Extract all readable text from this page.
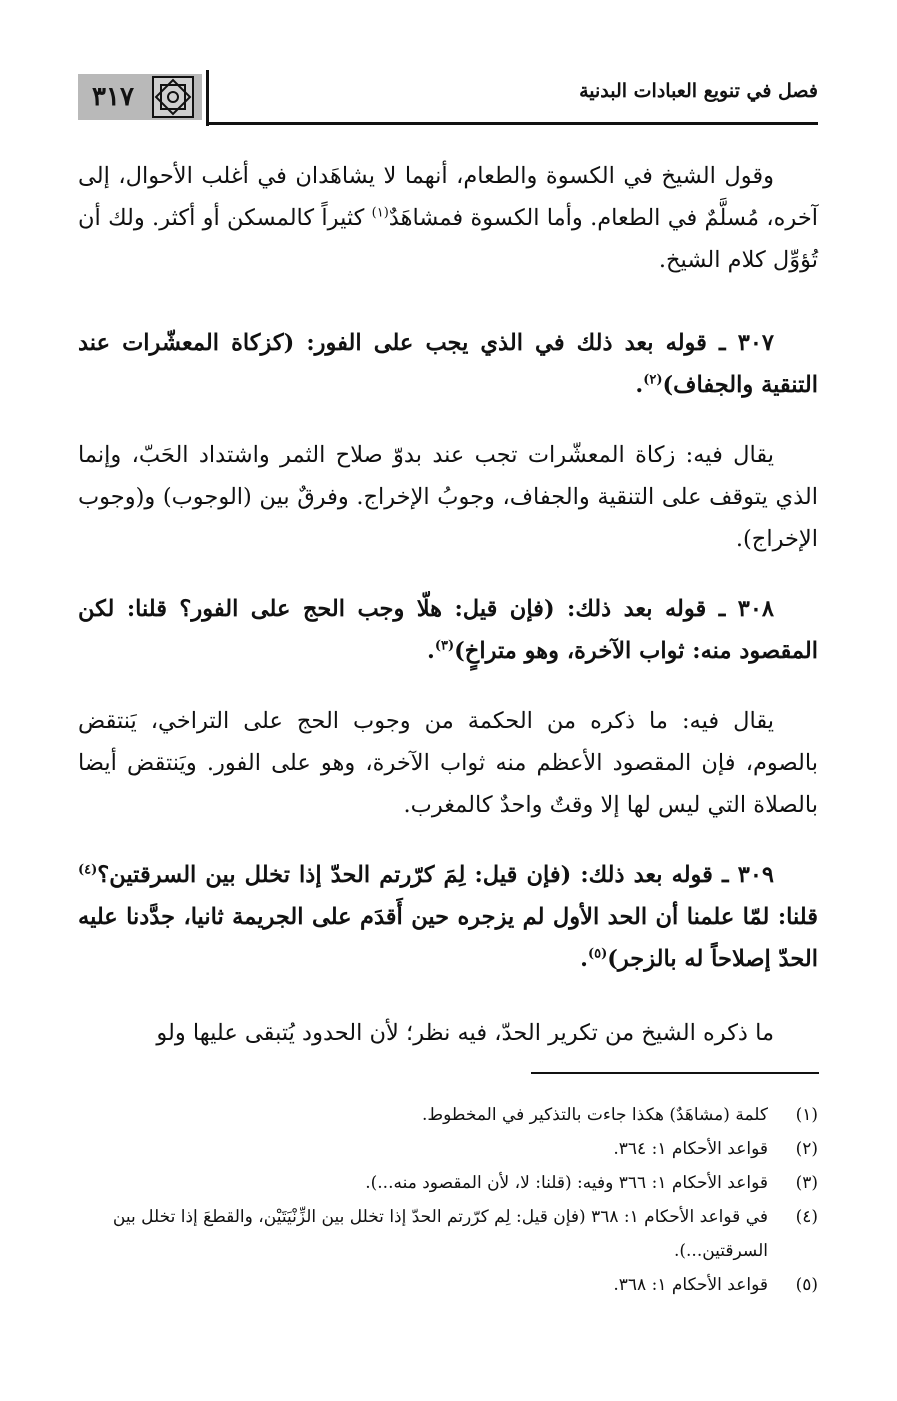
٣١٧	فصل في تنويع العبادات البدنية

وقول الشيخ في الكسوة والطعام، أنهما لا يشاهَدان في أغلب الأحوال، إلى آخره، مُسلَّمٌ في الطعام. وأما الكسوة فمشاهَدٌ$^{(١)}$ كثيراً كالمسكن أو أكثر. ولك أن تُؤوِّل كلام الشيخ.

٣٠٧ ـ قوله بعد ذلك في الذي يجب على الفور: (كزكاة المعشّرات عند التنقية والجفاف)$^{(٢)}$.

يقال فيه: زكاة المعشّرات تجب عند بدوّ صلاح الثمر واشتداد الحَبّ، وإنما الذي يتوقف على التنقية والجفاف، وجوبُ الإخراج. وفرقٌ بين (الوجوب) و(وجوب الإخراج).

٣٠٨ ـ قوله بعد ذلك: (فإن قيل: هلّا وجب الحج على الفور؟ قلنا: لكن المقصود منه: ثواب الآخرة، وهو متراخٍ)$^{(٣)}$.

يقال فيه: ما ذكره من الحكمة من وجوب الحج على التراخي، يَنتقض بالصوم، فإن المقصود الأعظم منه ثواب الآخرة، وهو على الفور. ويَنتقض أيضا بالصلاة التي ليس لها إلا وقتٌ واحدٌ كالمغرب.

٣٠٩ ـ قوله بعد ذلك: (فإن قيل: لِمَ كرّرتم الحدّ إذا تخلل بين السرقتين؟$^{(٤)}$ قلنا: لمّا علمنا أن الحد الأول لم يزجره حين أَقدَم على الجريمة ثانيا، جدَّدنا عليه الحدّ إصلاحاً له بالزجر)$^{(٥)}$.

ما ذكره الشيخ من تكرير الحدّ، فيه نظر؛ لأن الحدود يُتبقى عليها ولو

(١)
كلمة (مشاهَدٌ) هكذا جاءت بالتذكير في المخطوط.
(٢)
قواعد الأحكام ١: ٣٦٤.
(٣)
قواعد الأحكام ١: ٣٦٦ وفيه: (قلنا: لا، لأن المقصود منه...).
(٤)
في قواعد الأحكام ١: ٣٦٨ (فإن قيل: لِم كرّرتم الحدّ إذا تخلل بين الزِّنْيَتَيْن، والقطعَ إذا تخلل بين السرقتين...).
(٥)
قواعد الأحكام ١: ٣٦٨.
